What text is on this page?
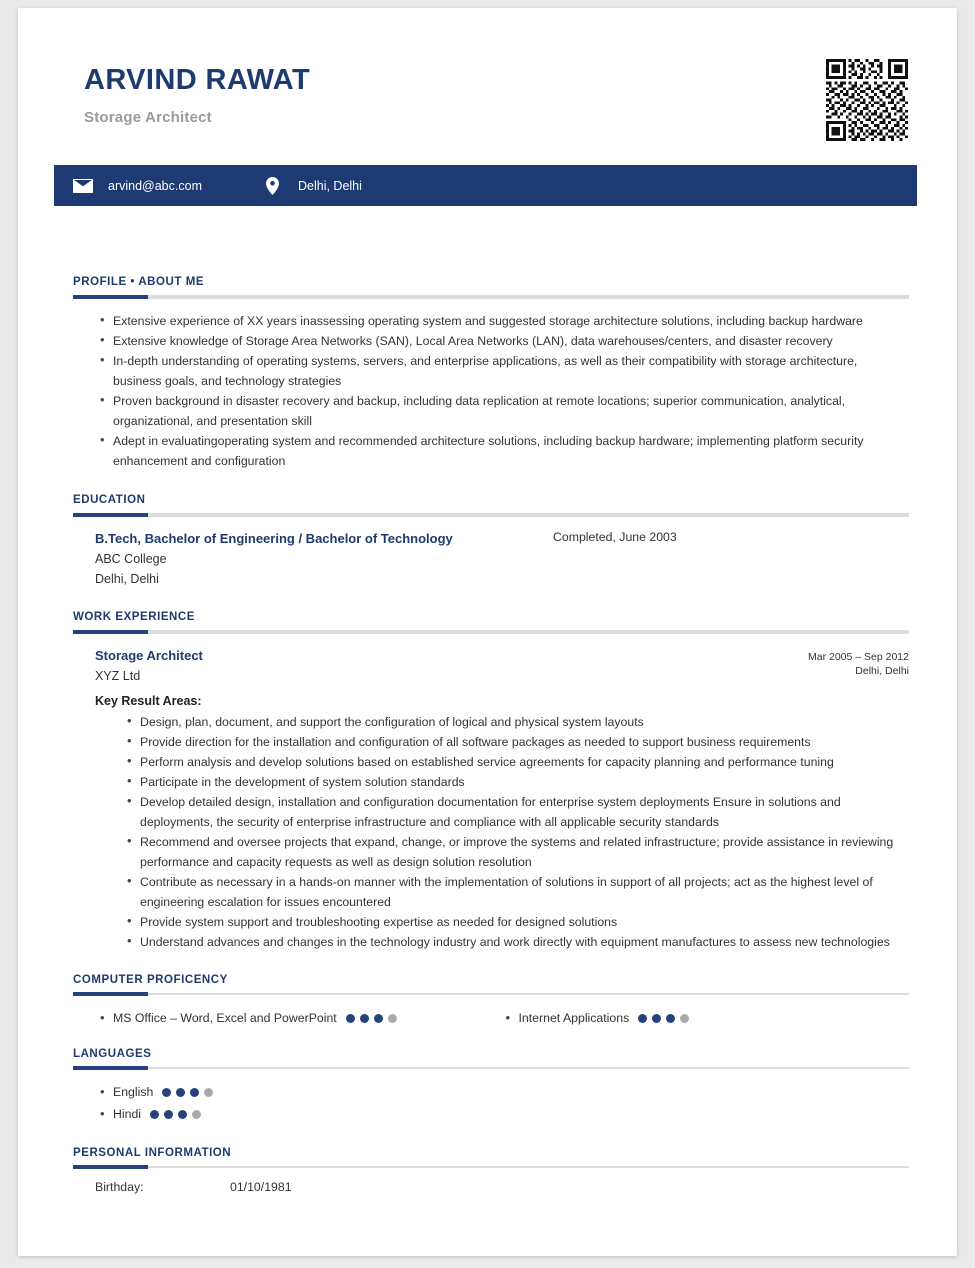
ARVIND RAWAT
Storage Architect
arvind@abc.com	Delhi, Delhi
PROFILE • ABOUT ME
• Extensive experience of XX years inassessing operating system and suggested storage architecture solutions, including backup hardware
• Extensive knowledge of Storage Area Networks (SAN), Local Area Networks (LAN), data warehouses/centers, and disaster recovery
• In-depth understanding of operating systems, servers, and enterprise applications, as well as their compatibility with storage architecture, business goals, and technology strategies
• Proven background in disaster recovery and backup, including data replication at remote locations; superior communication, analytical, organizational, and presentation skill
• Adept in evaluatingoperating system and recommended architecture solutions, including backup hardware; implementing platform security enhancement and configuration
EDUCATION
B.Tech, Bachelor of Engineering / Bachelor of Technology
ABC College
Delhi, Delhi
Completed, June 2003
WORK EXPERIENCE
Storage Architect
XYZ Ltd
Mar 2005 – Sep 2012
Delhi, Delhi
Key Result Areas:
• Design, plan, document, and support the configuration of logical and physical system layouts
• Provide direction for the installation and configuration of all software packages as needed to support business requirements
• Perform analysis and develop solutions based on established service agreements for capacity planning and performance tuning
• Participate in the development of system solution standards
• Develop detailed design, installation and configuration documentation for enterprise system deployments Ensure in solutions and deployments, the security of enterprise infrastructure and compliance with all applicable security standards
• Recommend and oversee projects that expand, change, or improve the systems and related infrastructure; provide assistance in reviewing performance and capacity requests as well as design solution resolution
• Contribute as necessary in a hands-on manner with the implementation of solutions in support of all projects; act as the highest level of engineering escalation for issues encountered
• Provide system support and troubleshooting expertise as needed for designed solutions
• Understand advances and changes in the technology industry and work directly with equipment manufactures to assess new technologies
COMPUTER PROFICENCY
• MS Office – Word, Excel and PowerPoint	• Internet Applications
LANGUAGES
• English
• Hindi
PERSONAL INFORMATION
Birthday:	01/10/1981
